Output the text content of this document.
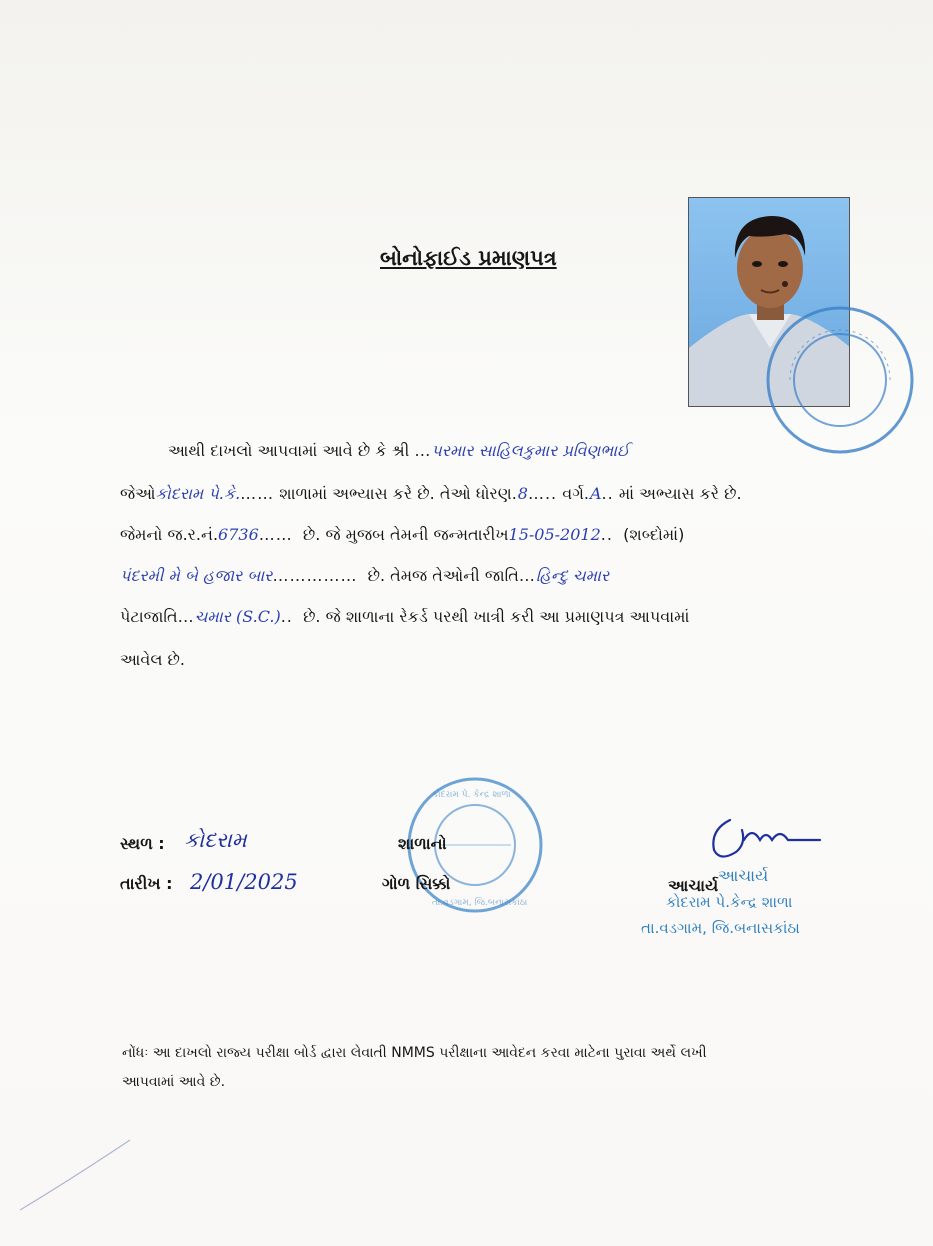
બોનોફાઈડ પ્રમાણપત્ર
આથી દાખલો આપવામાં આવે છે કે શ્રી …પરમાર સાહિલકુમાર પ્રવિણભાઈ
જેઓકોદરામ પે.કે.…… શાળામાં અભ્યાસ કરે છે. તેઓ ધોરણ.8….. વર્ગ.A.. માં અભ્યાસ કરે છે.
જેમનો જ.ર.નં.6736…… છે. જે મુજબ તેમની જન્મતારીખ15-05-2012.. (શબ્દોમાં)
પંદરમી મે બે હજાર બાર…………… છે. તેમજ તેઓની જાતિ…હિન્દુ ચમાર
પેટાજાતિ…ચમાર (S.C.).. છે. જે શાળાના રેકર્ડ પરથી ખાત્રી કરી આ પ્રમાણપત્ર આપવામાં
આવેલ છે.
સ્થળ : કોદરામ
તારીખ : 2/01/2025
શાળાનો
ગોળ સિક્કો	આચાર્ય
આચાર્ય
કોદરામ પે.કેન્દ્ર શાળા
તા.વડગામ, જિ.બનાસકાંઠા
નોંધઃ આ દાખલો રાજ્ય પરીક્ષા બોર્ડ દ્વારા લેવાતી NMMS પરીક્ષાના આવેદન કરવા માટેના પુરાવા અર્થે લખી
આપવામાં આવે છે.
કોદરામ પે. કેન્દ્ર શાળા
તા.વડગામ, જિ.બનાસકાંઠા
